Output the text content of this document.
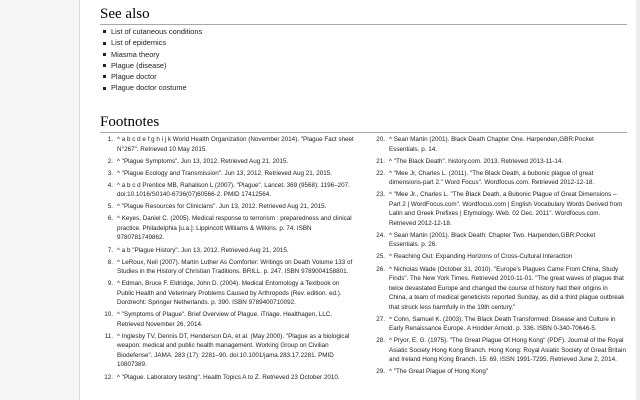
See also
List of cutaneous conditions
List of epidemics
Miasma theory
Plague (disease)
Plague doctor
Plague doctor costume
Footnotes
1. ^ a b c d e f g h i j k World Health Organization (November 2014). "Plague Fact sheet N°267". Retrieved 10 May 2015.
2. ^ "Plague Symptoms". Jun 13, 2012. Retrieved Aug 21, 2015.
3. ^ "Plague Ecology and Transmission". Jun 13, 2012. Retrieved Aug 21, 2015.
4. ^ a b c d Prentice MB, Rahalison L (2007). "Plague". Lancet. 369 (9568): 1196–207. doi:10.1016/S0140-6736(07)60566-2. PMID 17412564.
5. ^ "Plague Resources for Clinicians". Jun 13, 2012. Retrieved Aug 21, 2015.
6. ^ Keyes, Daniel C. (2005). Medical response to terrorism : preparedness and clinical practice. Philadelphia [u.a.]: Lippincott Williams & Wilkins. p. 74. ISBN 9780781749862.
7. ^ a b "Plague History". Jun 13, 2012. Retrieved Aug 21, 2015.
8. ^ LeRoux, Neil (2007). Martin Luther As Comforter: Writings on Death Volume 133 of Studies in the History of Christian Traditions. BRILL. p. 247. ISBN 9789004158801.
9. ^ Edman, Bruce F. Eldridge, John D. (2004). Medical Entomology a Textbook on Public Health and Veterinary Problems Caused by Arthropods (Rev. edition. ed.). Dordrecht: Springer Netherlands. p. 390. ISBN 9789400710092.
10. ^ "Symptoms of Plague". Brief Overview of Plague. iTriage. Healthagen, LLC. Retrieved November 26, 2014.
11. ^ Inglesby TV, Dennis DT, Henderson DA, et al. (May 2000). "Plague as a biological weapon: medical and public health management. Working Group on Civilian Biodefense". JAMA. 283 (17): 2281–90. doi:10.1001/jama.283.17.2281. PMID 10807389.
12. ^ "Plague. Laboratory testing". Health Topics A to Z. Retrieved 23 October 2010.
20. ^ Sean Martin (2001). Black Death Chapter One. Harpenden,GBR:Pocket Essentials. p. 14.
21. ^ "The Black Death". history.com. 2013. Retrieved 2013-11-14.
22. ^ "Mee Jr, Charles L. (2011). "The Black Death, a bubonic plague of great dimensions-part 2." Word Focus". Wordfocus.com. Retrieved 2012-12-18.
23. ^ "Mee Jr., Charles L. "The Black Death, a Bubonic Plague of Great Dimensions – Part 2 | WordFocus.com". Wordfocus.com | English Vocabulary Words Derived from Latin and Greek Prefixes | Etymology. Web. 02 Dec. 2011". Wordfocus.com. Retrieved 2012-12-18.
24. ^ Sean Martin (2001). Black Death: Chapter Two. Harpenden,GBR:Pocket Essentials. p. 26.
25. ^ Reaching Out: Expanding Horizons of Cross-Cultural Interaction
26. ^ Nicholas Wade (October 31, 2010). "Europe's Plagues Came From China, Study Finds". The New York Times. Retrieved 2010-11-01. "The great waves of plague that twice devastated Europe and changed the course of history had their origins in China, a team of medical geneticists reported Sunday, as did a third plague outbreak that struck less harmfully in the 19th century."
27. ^ Cohn, Samuel K. (2003). The Black Death Transformed: Disease and Culture in Early Renaissance Europe. A Hodder Arnold. p. 336. ISBN 0-340-70646-5.
28. ^ Pryor, E. G. (1975). "The Great Plague Of Hong Kong" (PDF). Journal of the Royal Asiatic Society Hong Kong Branch. Hong Kong: Royal Asiatic Society of Great Britain and Ireland Hong Kong Branch. 15: 69. ISSN 1991-7295. Retrieved June 2, 2014.
29. ^ "The Great Plague of Hong Kong"
